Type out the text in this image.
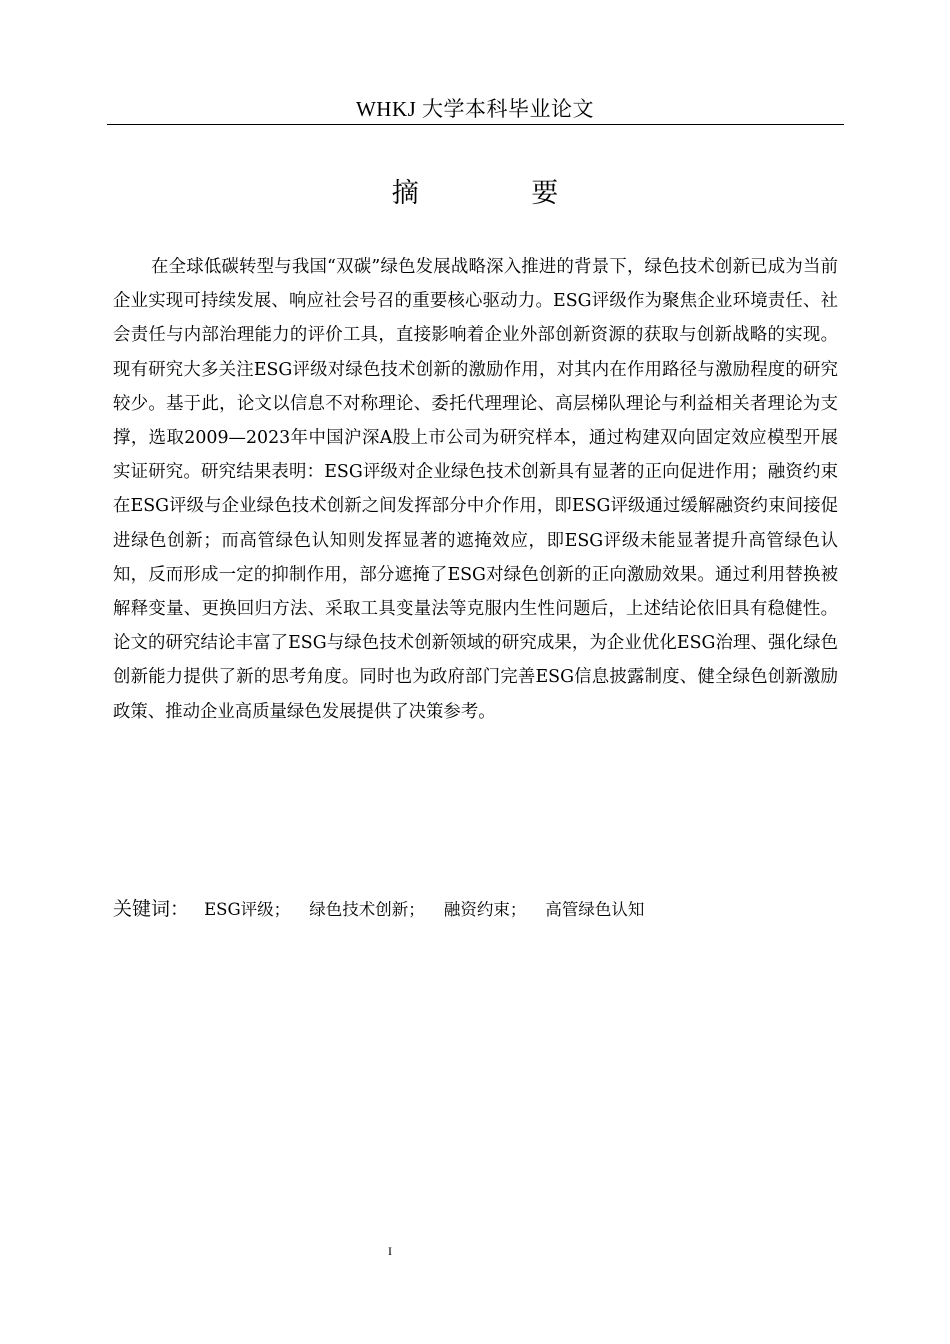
WHKJ 大学本科毕业论文
摘 要

在全球低碳转型与我国“双碳”绿色发展战略深入推进的背景下，绿色技术创新已成为当前企业实现可持续发展、响应社会号召的重要核心驱动力。ESG评级作为聚焦企业环境责任、社会责任与内部治理能力的评价工具，直接影响着企业外部创新资源的获取与创新战略的实现。现有研究大多关注ESG评级对绿色技术创新的激励作用，对其内在作用路径与激励程度的研究较少。基于此，论文以信息不对称理论、委托代理理论、高层梯队理论与利益相关者理论为支撑，选取2009—2023年中国沪深A股上市公司为研究样本，通过构建双向固定效应模型开展实证研究。研究结果表明：ESG评级对企业绿色技术创新具有显著的正向促进作用；融资约束在ESG评级与企业绿色技术创新之间发挥部分中介作用，即ESG评级通过缓解融资约束间接促进绿色创新；而高管绿色认知则发挥显著的遮掩效应，即ESG评级未能显著提升高管绿色认知，反而形成一定的抑制作用，部分遮掩了ESG对绿色创新的正向激励效果。通过利用替换被解释变量、更换回归方法、采取工具变量法等克服内生性问题后，上述结论依旧具有稳健性。论文的研究结论丰富了ESG与绿色技术创新领域的研究成果，为企业优化ESG治理、强化绿色创新能力提供了新的思考角度。同时也为政府部门完善ESG信息披露制度、健全绿色创新激励政策、推动企业高质量绿色发展提供了决策参考。

关键词： ESG评级； 绿色技术创新； 融资约束； 高管绿色认知
I
